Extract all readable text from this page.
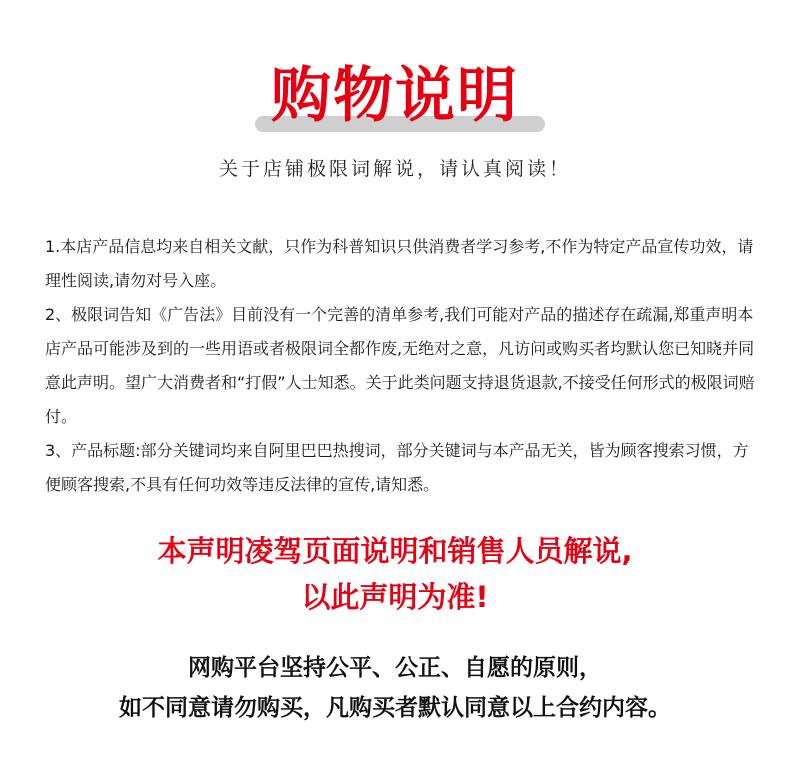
购物说明
关于店铺极限词解说，请认真阅读！

1.本店产品信息均来自相关文献，只作为科普知识只供消费者学习参考,不作为特定产品宣传功效，请理性阅读,请勿对号入座。

2、极限词告知《广告法》目前没有一个完善的清单参考,我们可能对产品的描述存在疏漏,郑重声明本店产品可能涉及到的一些用语或者极限词全都作废,无绝对之意，凡访问或购买者均默认您已知晓并同意此声明。望广大消费者和“打假”人士知悉。关于此类问题支持退货退款,不接受任何形式的极限词赔付。

3、产品标题:部分关键词均来自阿里巴巴热搜词，部分关键词与本产品无关，皆为顾客搜索习惯，方便顾客搜索,不具有任何功效等违反法律的宣传,请知悉。

本声明凌驾页面说明和销售人员解说,
以此声明为准!
网购平台坚持公平、公正、自愿的原则，
如不同意请勿购买，凡购买者默认同意以上合约内容。
